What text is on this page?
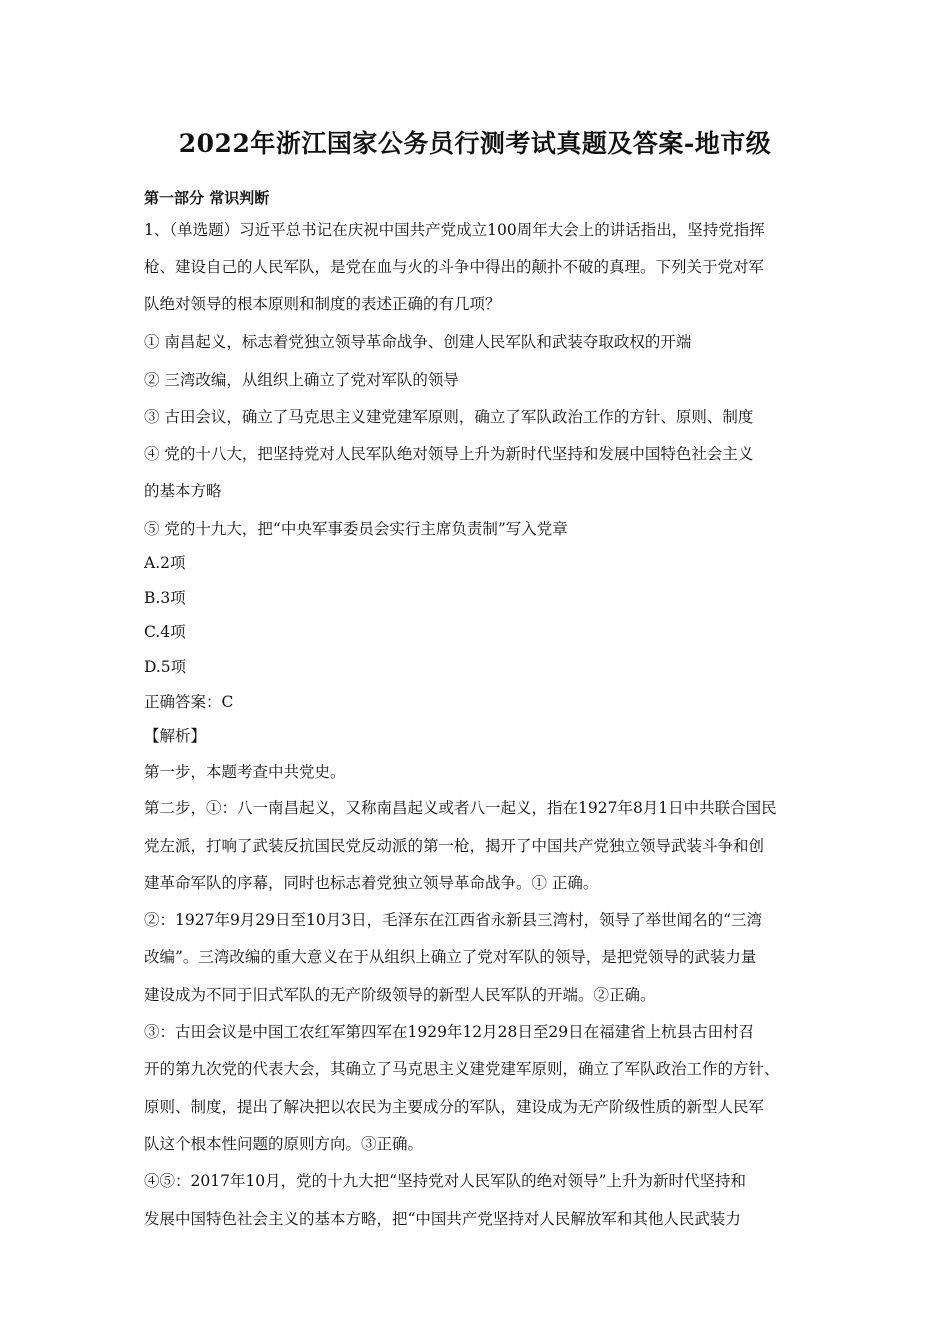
2022年浙江国家公务员行测考试真题及答案-地市级
第一部分 常识判断
1、（单选题）习近平总书记在庆祝中国共产党成立100周年大会上的讲话指出，坚持党指挥
枪、建设自己的人民军队，是党在血与火的斗争中得出的颠扑不破的真理。下列关于党对军
队绝对领导的根本原则和制度的表述正确的有几项？
① 南昌起义，标志着党独立领导革命战争、创建人民军队和武装夺取政权的开端
② 三湾改编，从组织上确立了党对军队的领导
③ 古田会议，确立了马克思主义建党建军原则，确立了军队政治工作的方针、原则、制度
④ 党的十八大，把坚持党对人民军队绝对领导上升为新时代坚持和发展中国特色社会主义
的基本方略
⑤ 党的十九大，把“中央军事委员会实行主席负责制”写入党章
A.2项
B.3项
C.4项
D.5项
正确答案：C
【解析】
第一步，本题考查中共党史。
第二步，①：八一南昌起义，又称南昌起义或者八一起义，指在1927年8月1日中共联合国民
党左派，打响了武装反抗国民党反动派的第一枪，揭开了中国共产党独立领导武装斗争和创
建革命军队的序幕，同时也标志着党独立领导革命战争。① 正确。
②：1927年9月29日至10月3日，毛泽东在江西省永新县三湾村，领导了举世闻名的“三湾
改编”。三湾改编的重大意义在于从组织上确立了党对军队的领导，是把党领导的武装力量
建设成为不同于旧式军队的无产阶级领导的新型人民军队的开端。②正确。
③：古田会议是中国工农红军第四军在1929年12月28日至29日在福建省上杭县古田村召
开的第九次党的代表大会，其确立了马克思主义建党建军原则，确立了军队政治工作的方针、
原则、制度，提出了解决把以农民为主要成分的军队，建设成为无产阶级性质的新型人民军
队这个根本性问题的原则方向。③正确。
④⑤：2017年10月，党的十九大把“坚持党对人民军队的绝对领导”上升为新时代坚持和
发展中国特色社会主义的基本方略，把“中国共产党坚持对人民解放军和其他人民武装力
